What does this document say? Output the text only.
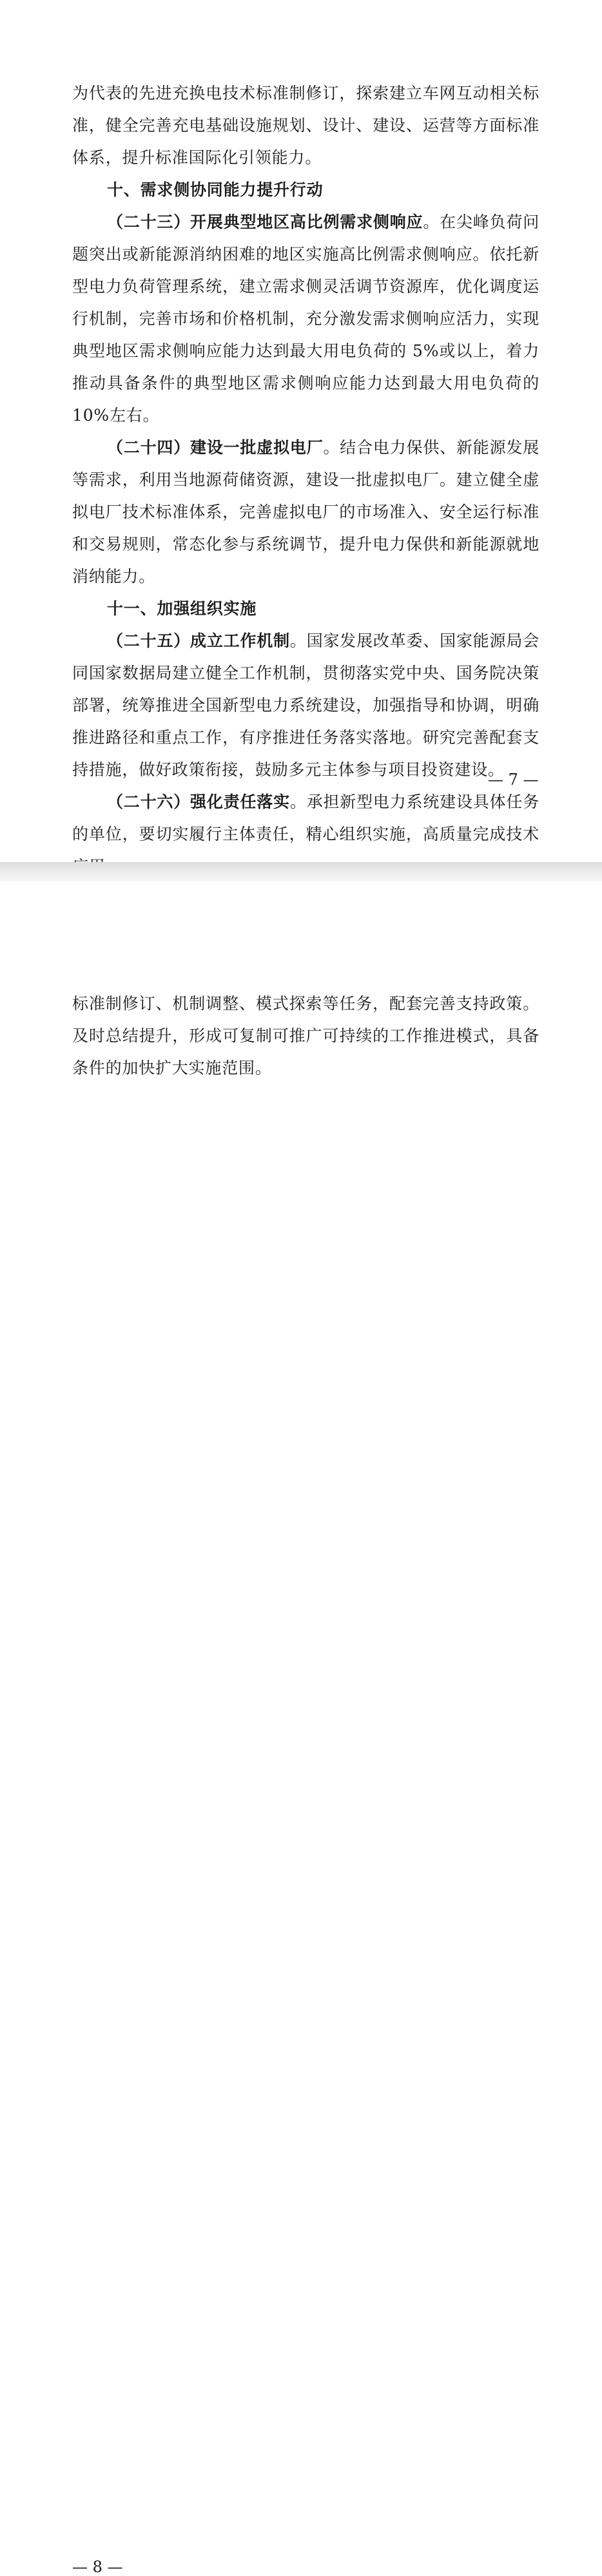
为代表的先进充换电技术标准制修订，探索建立车网互动相关标准，健全完善充电基础设施规划、设计、建设、运营等方面标准体系，提升标准国际化引领能力。

十、需求侧协同能力提升行动

（二十三）开展典型地区高比例需求侧响应。在尖峰负荷问题突出或新能源消纳困难的地区实施高比例需求侧响应。依托新型电力负荷管理系统，建立需求侧灵活调节资源库，优化调度运行机制，完善市场和价格机制，充分激发需求侧响应活力，实现典型地区需求侧响应能力达到最大用电负荷的 5%或以上，着力推动具备条件的典型地区需求侧响应能力达到最大用电负荷的 10%左右。

（二十四）建设一批虚拟电厂。结合电力保供、新能源发展等需求，利用当地源荷储资源，建设一批虚拟电厂。建立健全虚拟电厂技术标准体系，完善虚拟电厂的市场准入、安全运行标准和交易规则，常态化参与系统调节，提升电力保供和新能源就地消纳能力。

十一、加强组织实施

（二十五）成立工作机制。国家发展改革委、国家能源局会同国家数据局建立健全工作机制，贯彻落实党中央、国务院决策部署，统筹推进全国新型电力系统建设，加强指导和协调，明确推进路径和重点工作，有序推进任务落实落地。研究完善配套支持措施，做好政策衔接，鼓励多元主体参与项目投资建设。

（二十六）强化责任落实。承担新型电力系统建设具体任务的单位，要切实履行主体责任，精心组织实施，高质量完成技术

— 7 —

标准制修订、机制调整、模式探索等任务，配套完善支持政策。及时总结提升，形成可复制可推广可持续的工作推进模式，具备条件的加快扩大实施范围。

— 8 —
